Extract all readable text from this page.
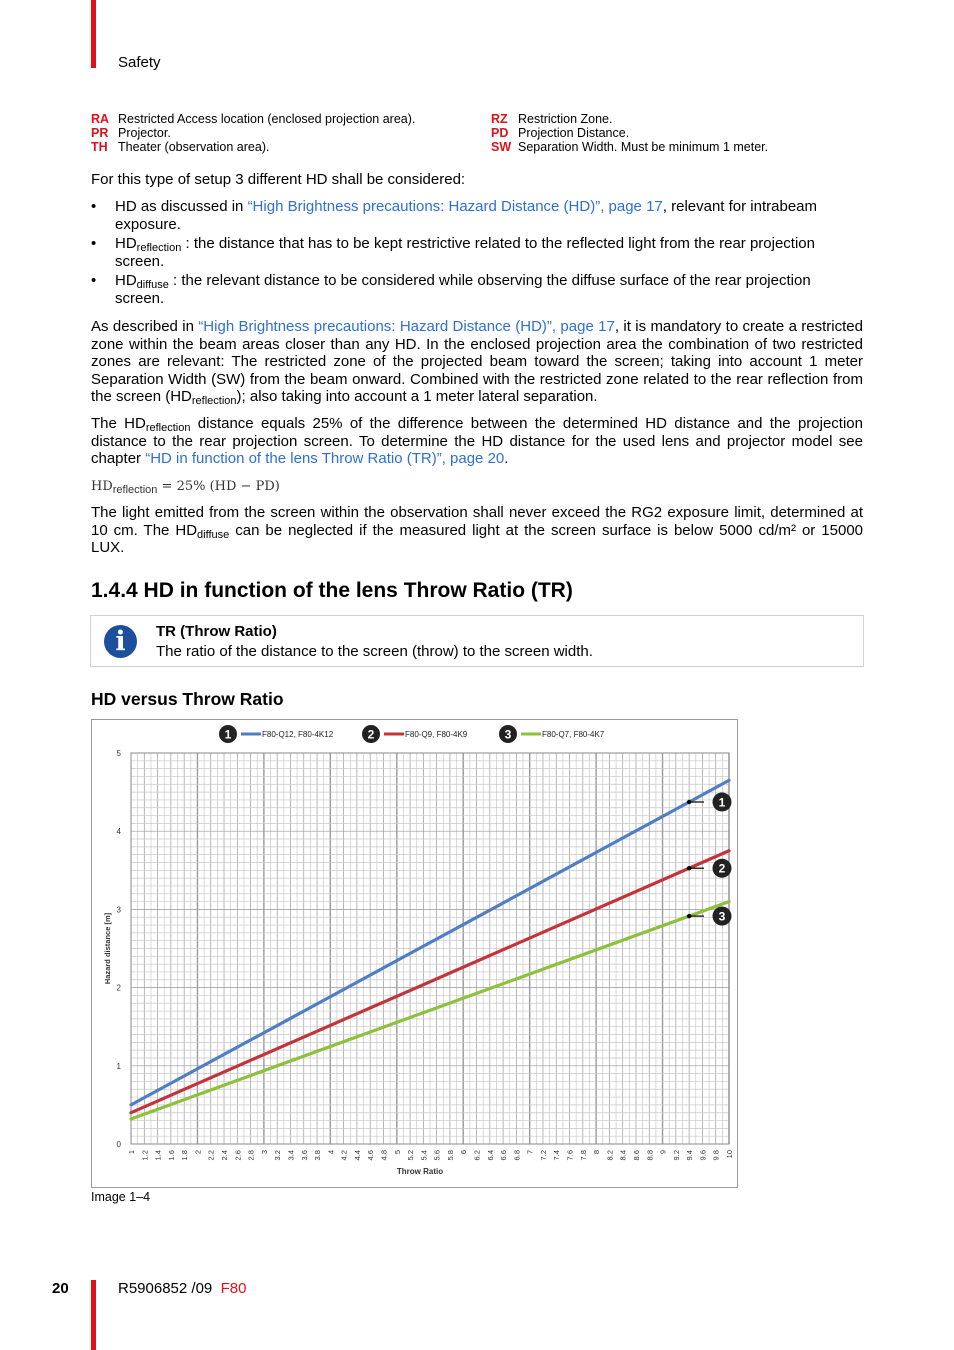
Safety
RA Restricted Access location (enclosed projection area).
PR Projector.
TH Theater (observation area).
RZ Restriction Zone.
PD Projection Distance.
SW Separation Width. Must be minimum 1 meter.
For this type of setup 3 different HD shall be considered:
• HD as discussed in “High Brightness precautions: Hazard Distance (HD)”, page 17, relevant for intrabeam exposure.
• $HD_{reflection}$ : the distance that has to be kept restrictive related to the reflected light from the rear projection screen.
• $HD_{diffuse}$ : the relevant distance to be considered while observing the diffuse surface of the rear projection screen.
As described in “High Brightness precautions: Hazard Distance (HD)”, page 17, it is mandatory to create a restricted zone within the beam areas closer than any HD. In the enclosed projection area the combination of two restricted zones are relevant: The restricted zone of the projected beam toward the screen; taking into account 1 meter Separation Width (SW) from the beam onward. Combined with the restricted zone related to the rear reflection from the screen $(HD_{reflection})$; also taking into account a 1 meter lateral separation.
The $HD_{reflection}$ distance equals 25% of the difference between the determined HD distance and the projection distance to the rear projection screen. To determine the HD distance for the used lens and projector model see chapter “HD in function of the lens Throw Ratio (TR)”, page 20.
$HD_{reflection} = 25\%$ (HD − PD)
The light emitted from the screen within the observation shall never exceed the RG2 exposure limit, determined at 10 cm. The $HD_{diffuse}$ can be neglected if the measured light at the screen surface is below 5000 cd/m² or 15000 LUX.
1.4.4 HD in function of the lens Throw Ratio (TR)
i	TR (Throw Ratio)
The ratio of the distance to the screen (throw) to the screen width.
HD versus Throw Ratio
0
1
2
3
4
5
1 1.2 1.4 1.6 1.8 2 2.2 2.4 2.6 2.8 3 3.2 3.4 3.6 3.8 4 4.2 4.4 4.6 4.8 5 5.2 5.4 5.6 5.8 6 6.2 6.4 6.6 6.8 7 7.2 7.4 7.6 7.8 8 8.2 8.4 8.6 8.8 9 9.2 9.4 9.6 9.8 10
Throw Ratio
Hazard distance [m]
1
2
3
1	F80-Q12, F80-4K12	2	F80-Q9, F80-4K9	3	F80-Q7, F80-4K7
Image 1–4
20	R5906852 /09 F80
